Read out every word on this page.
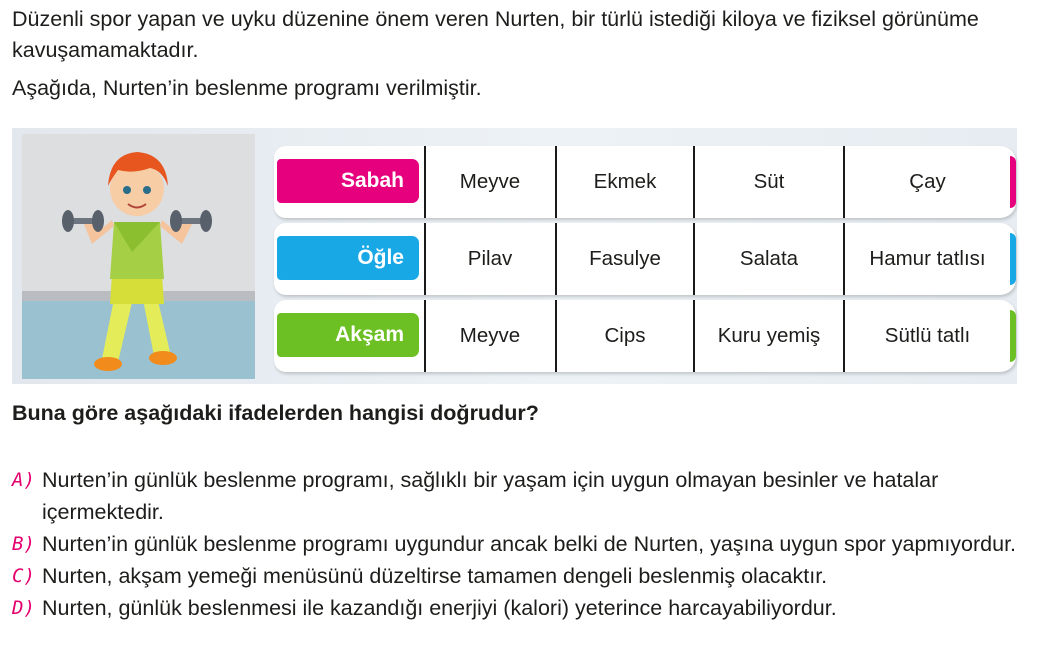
Düzenli spor yapan ve uyku düzenine önem veren Nurten, bir türlü istediği kiloya ve fiziksel görünüme kavuşamamaktadır.

Aşağıda, Nurten’in beslenme programı verilmiştir.

Sabah	Meyve	Ekmek	Süt	Çay
Öğle	Pilav	Fasulye	Salata	Hamur tatlısı
Akşam	Meyve	Cips	Kuru yemiş	Sütlü tatlı
Buna göre aşağıdaki ifadelerden hangisi doğrudur?
A) Nurten’in günlük beslenme programı, sağlıklı bir yaşam için uygun olmayan besinler ve hatalar içermektedir.
B) Nurten’in günlük beslenme programı uygundur ancak belki de Nurten, yaşına uygun spor yapmıyordur.
C) Nurten, akşam yemeği menüsünü düzeltirse tamamen dengeli beslenmiş olacaktır.
D) Nurten, günlük beslenmesi ile kazandığı enerjiyi (kalori) yeterince harcayabiliyordur.
